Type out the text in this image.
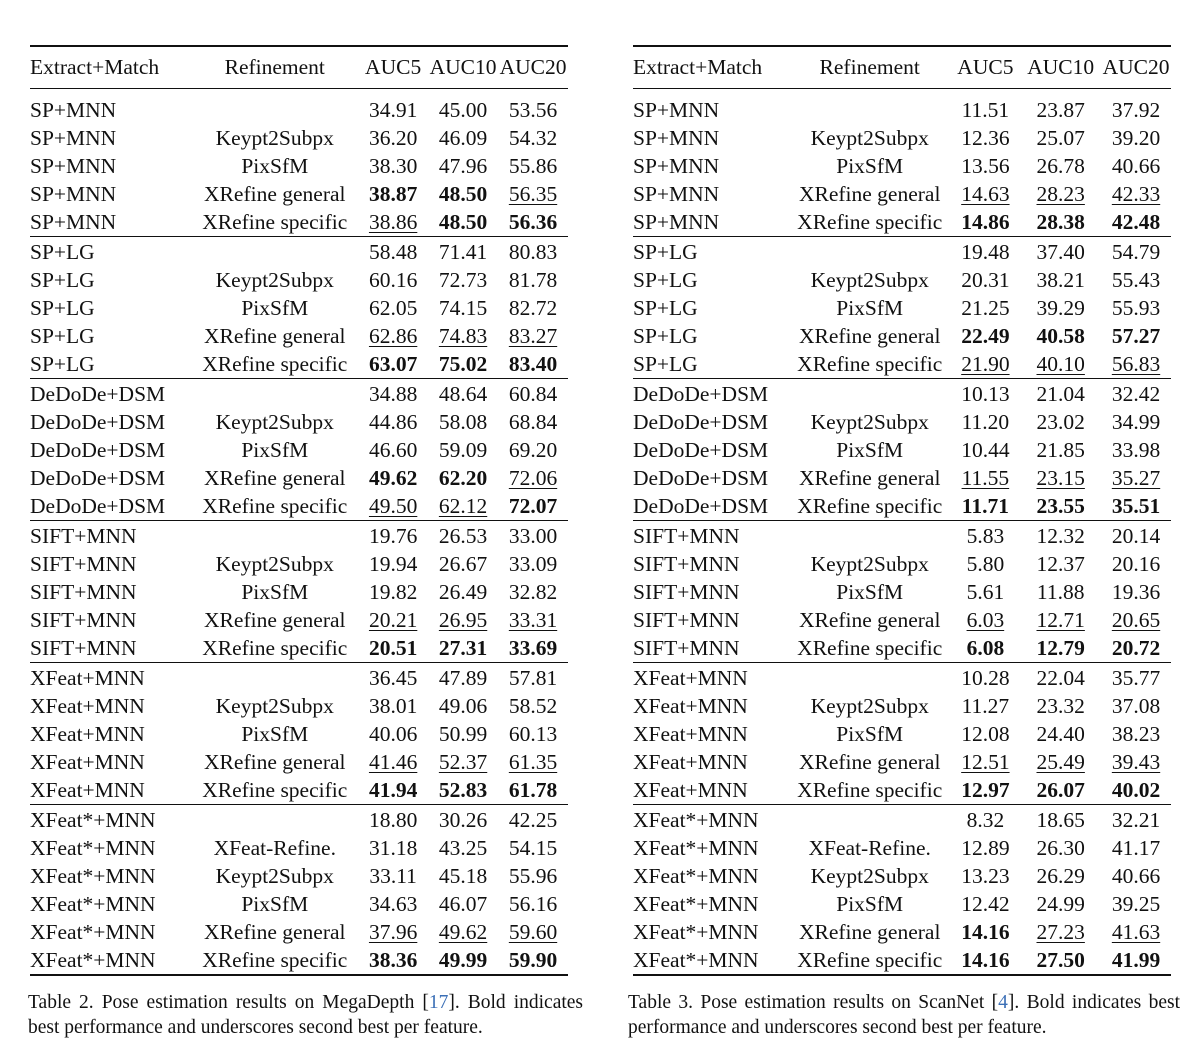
Extract+Match	Refinement	AUC5	AUC10	AUC20
SP+MNN		34.91	45.00	53.56
SP+MNN	Keypt2Subpx	36.20	46.09	54.32
SP+MNN	PixSfM	38.30	47.96	55.86
SP+MNN	XRefine general	38.87	48.50	56.35
SP+MNN	XRefine specific	38.86	48.50	56.36
SP+LG		58.48	71.41	80.83
SP+LG	Keypt2Subpx	60.16	72.73	81.78
SP+LG	PixSfM	62.05	74.15	82.72
SP+LG	XRefine general	62.86	74.83	83.27
SP+LG	XRefine specific	63.07	75.02	83.40
DeDoDe+DSM		34.88	48.64	60.84
DeDoDe+DSM	Keypt2Subpx	44.86	58.08	68.84
DeDoDe+DSM	PixSfM	46.60	59.09	69.20
DeDoDe+DSM	XRefine general	49.62	62.20	72.06
DeDoDe+DSM	XRefine specific	49.50	62.12	72.07
SIFT+MNN		19.76	26.53	33.00
SIFT+MNN	Keypt2Subpx	19.94	26.67	33.09
SIFT+MNN	PixSfM	19.82	26.49	32.82
SIFT+MNN	XRefine general	20.21	26.95	33.31
SIFT+MNN	XRefine specific	20.51	27.31	33.69
XFeat+MNN		36.45	47.89	57.81
XFeat+MNN	Keypt2Subpx	38.01	49.06	58.52
XFeat+MNN	PixSfM	40.06	50.99	60.13
XFeat+MNN	XRefine general	41.46	52.37	61.35
XFeat+MNN	XRefine specific	41.94	52.83	61.78
XFeat*+MNN		18.80	30.26	42.25
XFeat*+MNN	XFeat-Refine.	31.18	43.25	54.15
XFeat*+MNN	Keypt2Subpx	33.11	45.18	55.96
XFeat*+MNN	PixSfM	34.63	46.07	56.16
XFeat*+MNN	XRefine general	37.96	49.62	59.60
XFeat*+MNN	XRefine specific	38.36	49.99	59.90
Extract+Match	Refinement	AUC5	AUC10	AUC20
SP+MNN		11.51	23.87	37.92
SP+MNN	Keypt2Subpx	12.36	25.07	39.20
SP+MNN	PixSfM	13.56	26.78	40.66
SP+MNN	XRefine general	14.63	28.23	42.33
SP+MNN	XRefine specific	14.86	28.38	42.48
SP+LG		19.48	37.40	54.79
SP+LG	Keypt2Subpx	20.31	38.21	55.43
SP+LG	PixSfM	21.25	39.29	55.93
SP+LG	XRefine general	22.49	40.58	57.27
SP+LG	XRefine specific	21.90	40.10	56.83
DeDoDe+DSM		10.13	21.04	32.42
DeDoDe+DSM	Keypt2Subpx	11.20	23.02	34.99
DeDoDe+DSM	PixSfM	10.44	21.85	33.98
DeDoDe+DSM	XRefine general	11.55	23.15	35.27
DeDoDe+DSM	XRefine specific	11.71	23.55	35.51
SIFT+MNN		5.83	12.32	20.14
SIFT+MNN	Keypt2Subpx	5.80	12.37	20.16
SIFT+MNN	PixSfM	5.61	11.88	19.36
SIFT+MNN	XRefine general	6.03	12.71	20.65
SIFT+MNN	XRefine specific	6.08	12.79	20.72
XFeat+MNN		10.28	22.04	35.77
XFeat+MNN	Keypt2Subpx	11.27	23.32	37.08
XFeat+MNN	PixSfM	12.08	24.40	38.23
XFeat+MNN	XRefine general	12.51	25.49	39.43
XFeat+MNN	XRefine specific	12.97	26.07	40.02
XFeat*+MNN		8.32	18.65	32.21
XFeat*+MNN	XFeat-Refine.	12.89	26.30	41.17
XFeat*+MNN	Keypt2Subpx	13.23	26.29	40.66
XFeat*+MNN	PixSfM	12.42	24.99	39.25
XFeat*+MNN	XRefine general	14.16	27.23	41.63
XFeat*+MNN	XRefine specific	14.16	27.50	41.99
Table 2. Pose estimation results on MegaDepth [17]. Bold indicates best performance and underscores second best per feature.
Table 3. Pose estimation results on ScanNet [4]. Bold indicates best performance and underscores second best per feature.
